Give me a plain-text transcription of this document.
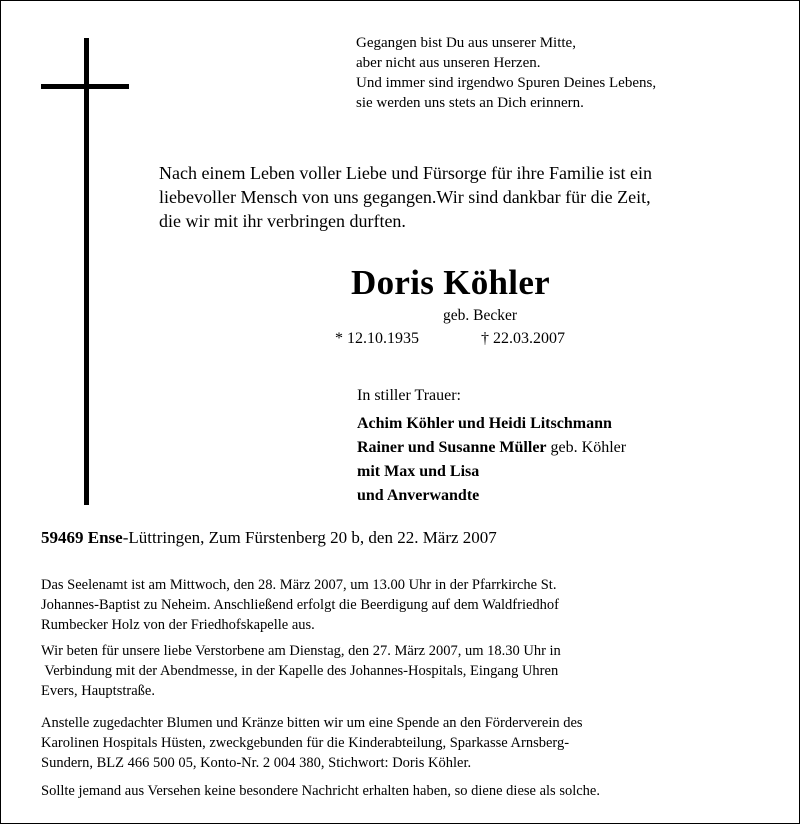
Gegangen bist Du aus unserer Mitte,
aber nicht aus unseren Herzen.
Und immer sind irgendwo Spuren Deines Lebens,
sie werden uns stets an Dich erinnern.
Nach einem Leben voller Liebe und Fürsorge für ihre Familie ist ein
liebevoller Mensch von uns gegangen.Wir sind dankbar für die Zeit,
die wir mit ihr verbringen durften.
Doris Köhler
geb. Becker
* 12.10.1935	† 22.03.2007
In stiller Trauer:
Achim Köhler und Heidi Litschmann
Rainer und Susanne Müller geb. Köhler
mit Max und Lisa
und Anverwandte
59469 Ense-Lüttringen, Zum Fürstenberg 20 b, den 22. März 2007
Das Seelenamt ist am Mittwoch, den 28. März 2007, um 13.00 Uhr in der Pfarrkirche St.
Johannes-Baptist zu Neheim. Anschließend erfolgt die Beerdigung auf dem Waldfriedhof
Rumbecker Holz von der Friedhofskapelle aus.
Wir beten für unsere liebe Verstorbene am Dienstag, den 27. März 2007, um 18.30 Uhr in
Verbindung mit der Abendmesse, in der Kapelle des Johannes-Hospitals, Eingang Uhren
Evers, Hauptstraße.
Anstelle zugedachter Blumen und Kränze bitten wir um eine Spende an den Förderverein des
Karolinen Hospitals Hüsten, zweckgebunden für die Kinderabteilung, Sparkasse Arnsberg-
Sundern, BLZ 466 500 05, Konto-Nr. 2 004 380, Stichwort: Doris Köhler.
Sollte jemand aus Versehen keine besondere Nachricht erhalten haben, so diene diese als solche.
